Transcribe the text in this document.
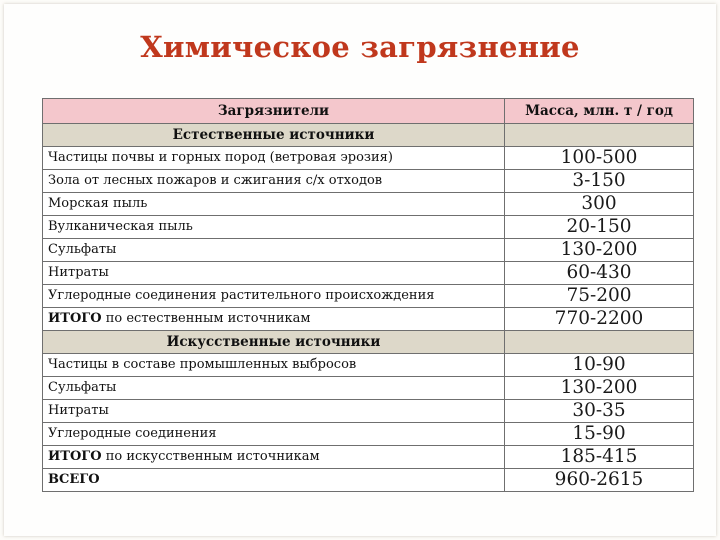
Химическое загрязнение
Загрязнители	Масса, млн. т / год
Естественные источники	
Частицы почвы и горных пород (ветровая эрозия)	100-500
Зола от лесных пожаров и сжигания с/х отходов	3-150
Морская пыль	300
Вулканическая пыль	20-150
Сульфаты	130-200
Нитраты	60-430
Углеродные соединения растительного происхождения	75-200
ИТОГО по естественным источникам	770-2200
Искусственные источники	
Частицы в составе промышленных выбросов	10-90
Сульфаты	130-200
Нитраты	30-35
Углеродные соединения	15-90
ИТОГО по искусственным источникам	185-415
ВСЕГО	960-2615
